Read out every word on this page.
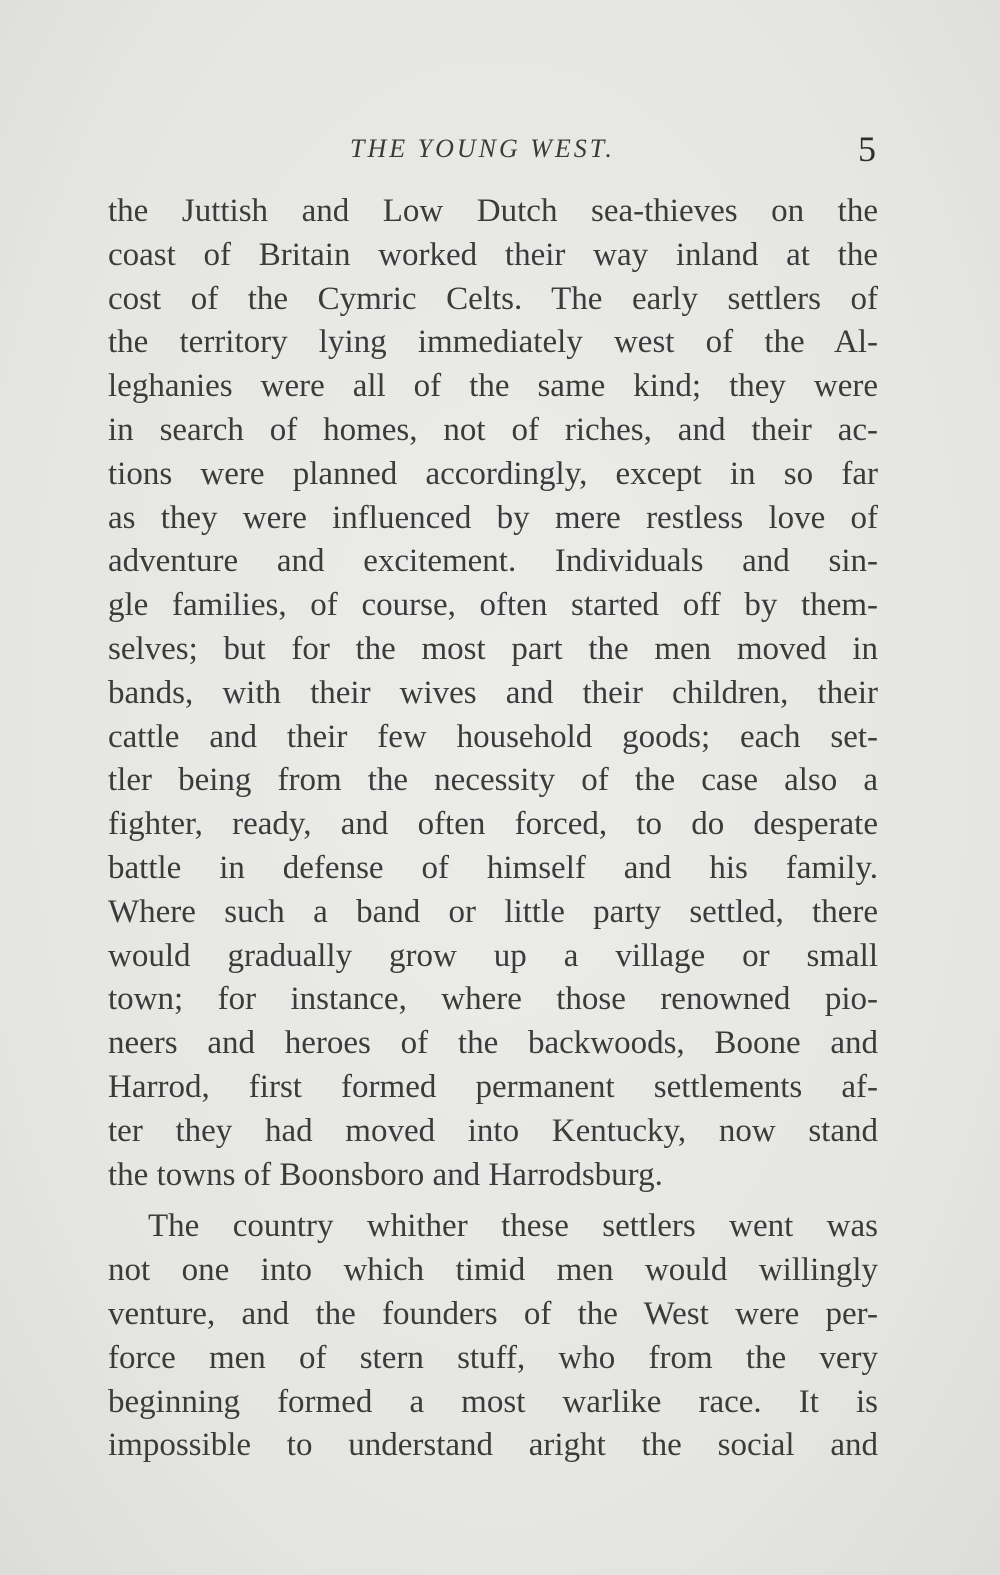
THE YOUNG WEST.	5
the Juttish and Low Dutch sea-thieves on the
coast of Britain worked their way inland at the
cost of the Cymric Celts. The early settlers of
the territory lying immediately west of the Al-
leghanies were all of the same kind; they were
in search of homes, not of riches, and their ac-
tions were planned accordingly, except in so far
as they were influenced by mere restless love of
adventure and excitement. Individuals and sin-
gle families, of course, often started off by them-
selves; but for the most part the men moved in
bands, with their wives and their children, their
cattle and their few household goods; each set-
tler being from the necessity of the case also a
fighter, ready, and often forced, to do desperate
battle in defense of himself and his family.
Where such a band or little party settled, there
would gradually grow up a village or small
town; for instance, where those renowned pio-
neers and heroes of the backwoods, Boone and
Harrod, first formed permanent settlements af-
ter they had moved into Kentucky, now stand
the towns of Boonsboro and Harrodsburg.
The country whither these settlers went was
not one into which timid men would willingly
venture, and the founders of the West were per-
force men of stern stuff, who from the very
beginning formed a most warlike race. It is
impossible to understand aright the social and
